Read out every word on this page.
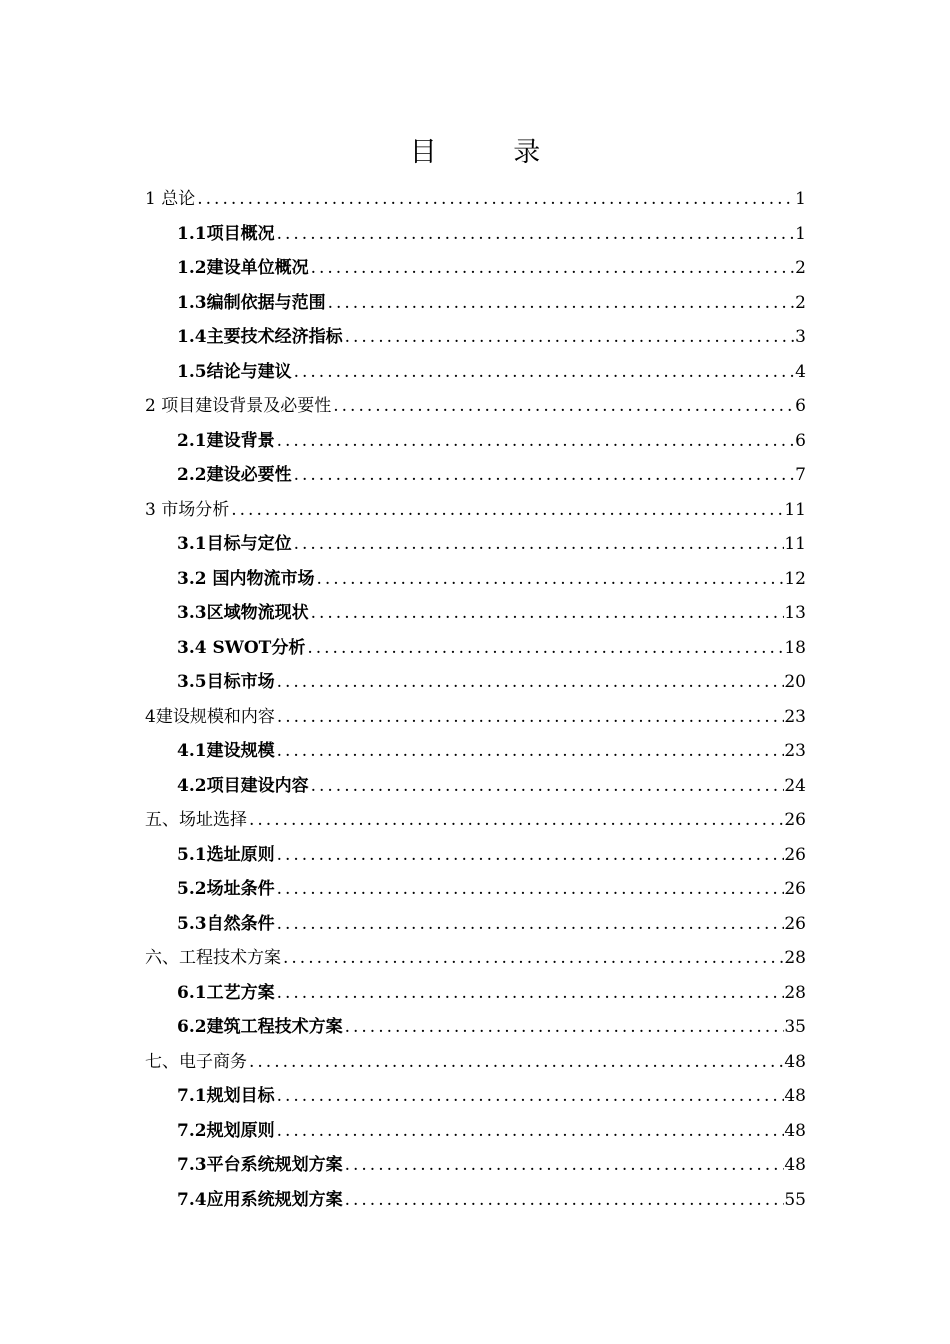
目 录
1 总论 .....	1
1.1项目概况 .....	1
1.2建设单位概况 .....	2
1.3编制依据与范围 .....	2
1.4主要技术经济指标 .....	3
1.5结论与建议 .....	4
2 项目建设背景及必要性 .....	6
2.1建设背景 .....	6
2.2建设必要性 .....	7
3 市场分析 .....	11
3.1目标与定位 .....	11
3.2 国内物流市场 .....	12
3.3区域物流现状 .....	13
3.4 SWOT分析 .....	18
3.5目标市场 .....	20
4建设规模和内容 .....	23
4.1建设规模 .....	23
4.2项目建设内容 .....	24
五、场址选择 .....	26
5.1选址原则 .....	26
5.2场址条件 .....	26
5.3自然条件 .....	26
六、工程技术方案 .....	28
6.1工艺方案 .....	28
6.2建筑工程技术方案 .....	35
七、电子商务 .....	48
7.1规划目标 .....	48
7.2规划原则 .....	48
7.3平台系统规划方案 .....	48
7.4应用系统规划方案 .....	55
